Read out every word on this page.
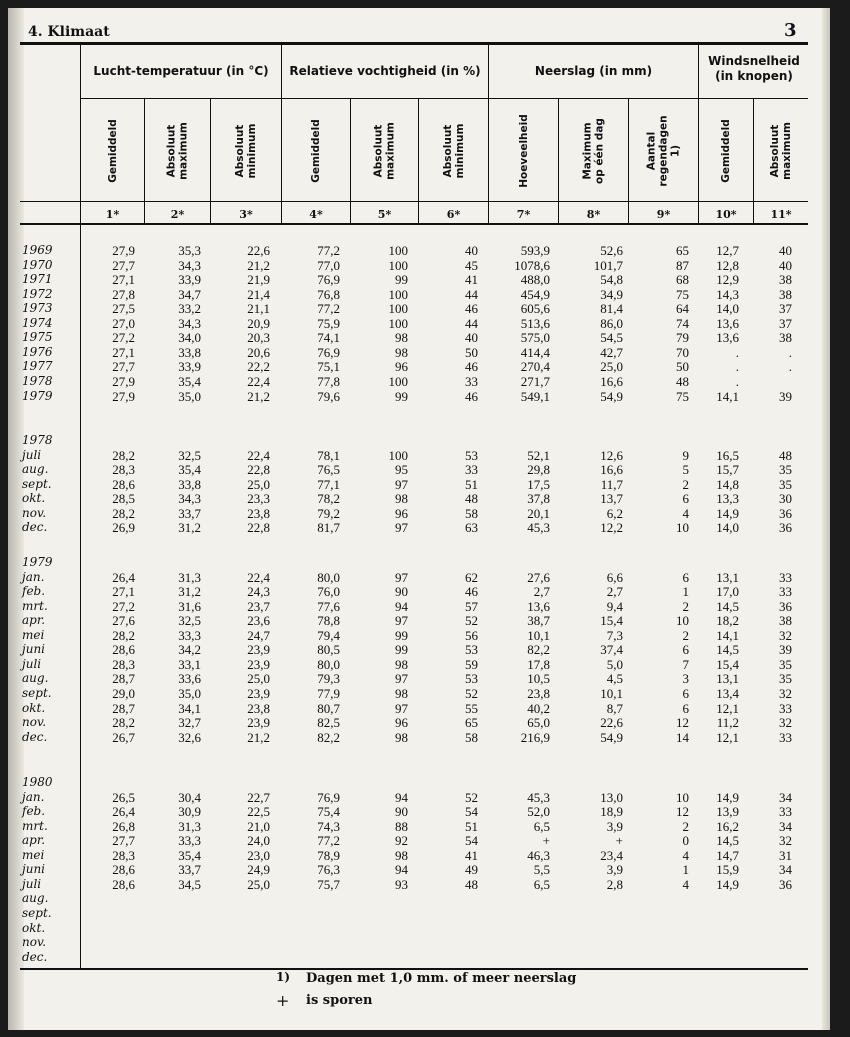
4. Klimaat	3
Lucht-temperatuur (in °C)	Relatieve vochtigheid (in %)	Neerslag (in mm)
Windsnelheid (in knopen)
Gemiddeld	Absoluut maximum	Absoluut minimum	Gemiddeld	Absoluut maximum	Absoluut minimum	Hoeveelheid	Maximum op één dag	Aantal regendagen 1)	Gemiddeld	Absoluut maximum
1*	2*	3*	4*	5*	6*	7*	8*	9*	10*	11*
1969	27,9	35,3	22,6	77,2	100	40	593,9	52,6	65	12,7	40
1970	27,7	34,3	21,2	77,0	100	45	1078,6	101,7	87	12,8	40
1971	27,1	33,9	21,9	76,9	99	41	488,0	54,8	68	12,9	38
1972	27,8	34,7	21,4	76,8	100	44	454,9	34,9	75	14,3	38
1973	27,5	33,2	21,1	77,2	100	46	605,6	81,4	64	14,0	37
1974	27,0	34,3	20,9	75,9	100	44	513,6	86,0	74	13,6	37
1975	27,2	34,0	20,3	74,1	98	40	575,0	54,5	79	13,6	38
1976	27,1	33,8	20,6	76,9	98	50	414,4	42,7	70	.	.
1977	27,7	33,9	22,2	75,1	96	46	270,4	25,0	50	.	.
1978	27,9	35,4	22,4	77,8	100	33	271,7	16,6	48	.
1979	27,9	35,0	21,2	79,6	99	46	549,1	54,9	75	14,1	39
1978
juli	28,2	32,5	22,4	78,1	100	53	52,1	12,6	9	16,5	48
aug.	28,3	35,4	22,8	76,5	95	33	29,8	16,6	5	15,7	35
sept.	28,6	33,8	25,0	77,1	97	51	17,5	11,7	2	14,8	35
okt.	28,5	34,3	23,3	78,2	98	48	37,8	13,7	6	13,3	30
nov.	28,2	33,7	23,8	79,2	96	58	20,1	6,2	4	14,9	36
dec.	26,9	31,2	22,8	81,7	97	63	45,3	12,2	10	14,0	36
1979
jan.	26,4	31,3	22,4	80,0	97	62	27,6	6,6	6	13,1	33
feb.	27,1	31,2	24,3	76,0	90	46	2,7	2,7	1	17,0	33
mrt.	27,2	31,6	23,7	77,6	94	57	13,6	9,4	2	14,5	36
apr.	27,6	32,5	23,6	78,8	97	52	38,7	15,4	10	18,2	38
mei	28,2	33,3	24,7	79,4	99	56	10,1	7,3	2	14,1	32
juni	28,6	34,2	23,9	80,5	99	53	82,2	37,4	6	14,5	39
juli	28,3	33,1	23,9	80,0	98	59	17,8	5,0	7	15,4	35
aug.	28,7	33,6	25,0	79,3	97	53	10,5	4,5	3	13,1	35
sept.	29,0	35,0	23,9	77,9	98	52	23,8	10,1	6	13,4	32
okt.	28,7	34,1	23,8	80,7	97	55	40,2	8,7	6	12,1	33
nov.	28,2	32,7	23,9	82,5	96	65	65,0	22,6	12	11,2	32
dec.	26,7	32,6	21,2	82,2	98	58	216,9	54,9	14	12,1	33
1980
jan.	26,5	30,4	22,7	76,9	94	52	45,3	13,0	10	14,9	34
feb.	26,4	30,9	22,5	75,4	90	54	52,0	18,9	12	13,9	33
mrt.	26,8	31,3	21,0	74,3	88	51	6,5	3,9	2	16,2	34
apr.	27,7	33,3	24,0	77,2	92	54	+	+	0	14,5	32
mei	28,3	35,4	23,0	78,9	98	41	46,3	23,4	4	14,7	31
juni	28,6	33,7	24,9	76,3	94	49	5,5	3,9	1	15,9	34
juli	28,6	34,5	25,0	75,7	93	48	6,5	2,8	4	14,9	36
aug.
sept.
okt.
nov.
dec.
1) Dagen met 1,0 mm. of meer neerslag
+ is sporen
